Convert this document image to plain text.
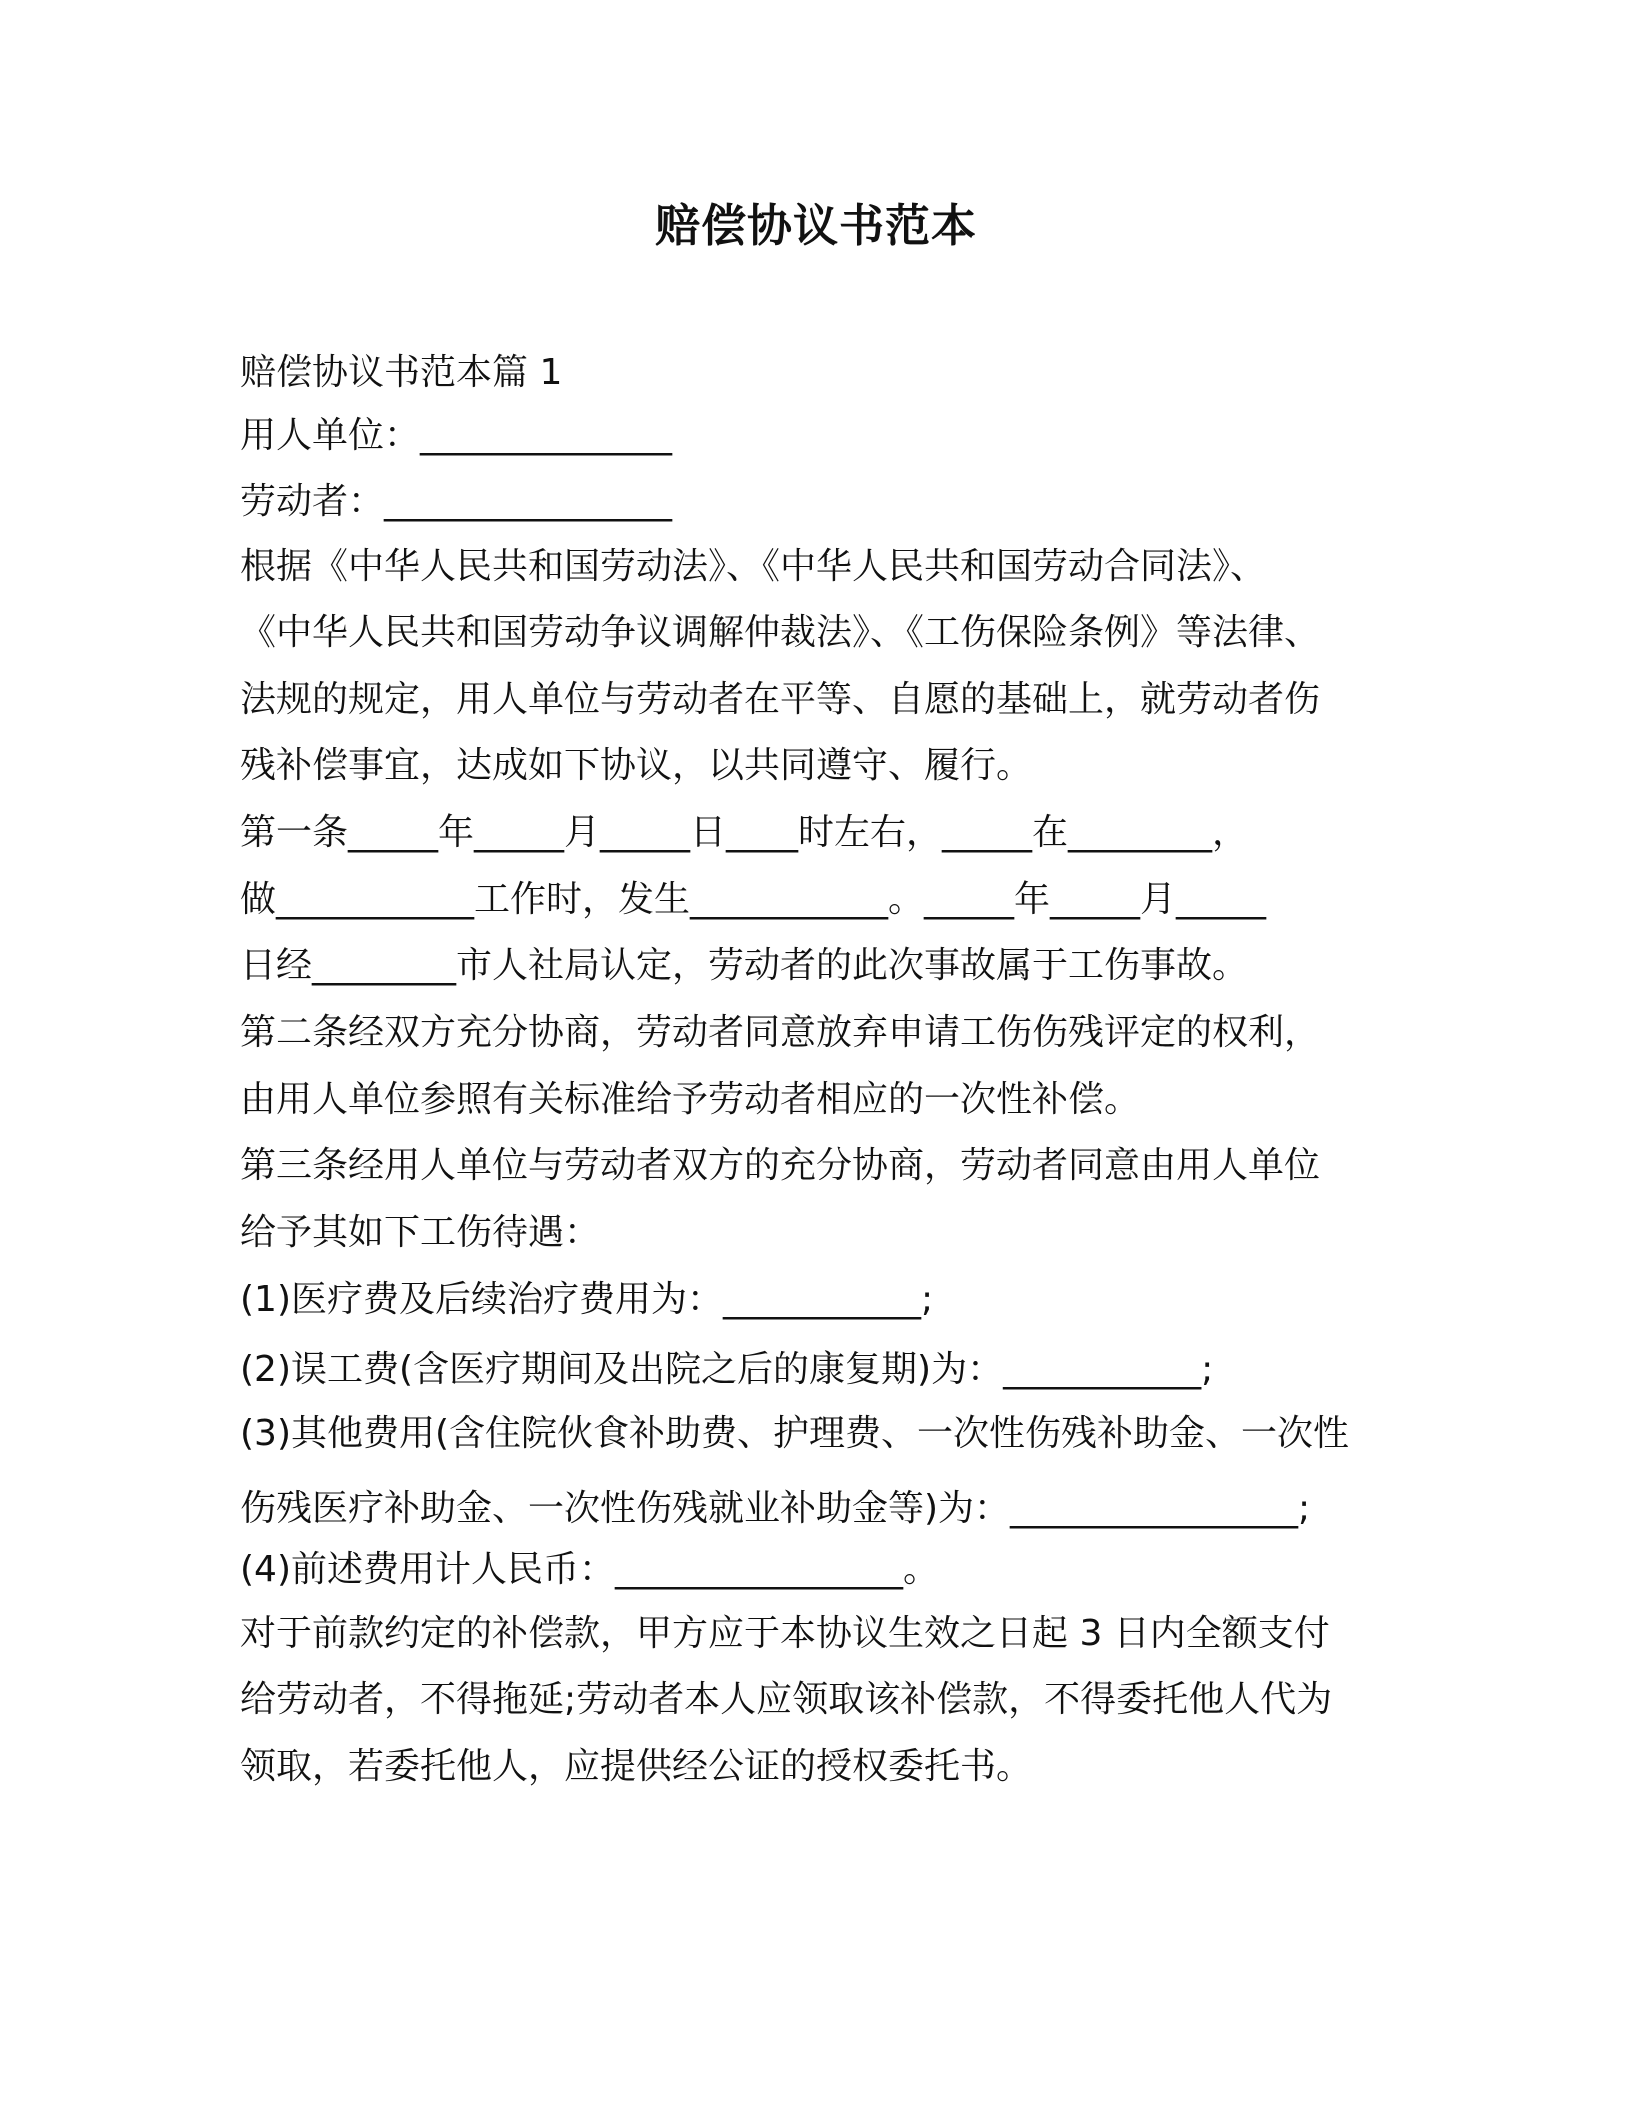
赔偿协议书范本
赔偿协议书范本篇 1
用人单位：______________
劳动者：________________
根据《中华人民共和国劳动法》、《中华人民共和国劳动合同法》、
《中华人民共和国劳动争议调解仲裁法》、《工伤保险条例》等法律、
法规的规定，用人单位与劳动者在平等、自愿的基础上，就劳动者伤
残补偿事宜，达成如下协议，以共同遵守、履行。
第一条_____年_____月_____日____时左右，_____在________，
做___________工作时，发生___________。_____年_____月_____
日经________市人社局认定，劳动者的此次事故属于工伤事故。
第二条经双方充分协商，劳动者同意放弃申请工伤伤残评定的权利，
由用人单位参照有关标准给予劳动者相应的一次性补偿。
第三条经用人单位与劳动者双方的充分协商，劳动者同意由用人单位
给予其如下工伤待遇：
(1)医疗费及后续治疗费用为：___________;
(2)误工费(含医疗期间及出院之后的康复期)为：___________;
(3)其他费用(含住院伙食补助费、护理费、一次性伤残补助金、一次性
伤残医疗补助金、一次性伤残就业补助金等)为：________________;
(4)前述费用计人民币：________________。
对于前款约定的补偿款，甲方应于本协议生效之日起 3 日内全额支付
给劳动者，不得拖延;劳动者本人应领取该补偿款，不得委托他人代为
领取，若委托他人，应提供经公证的授权委托书。
